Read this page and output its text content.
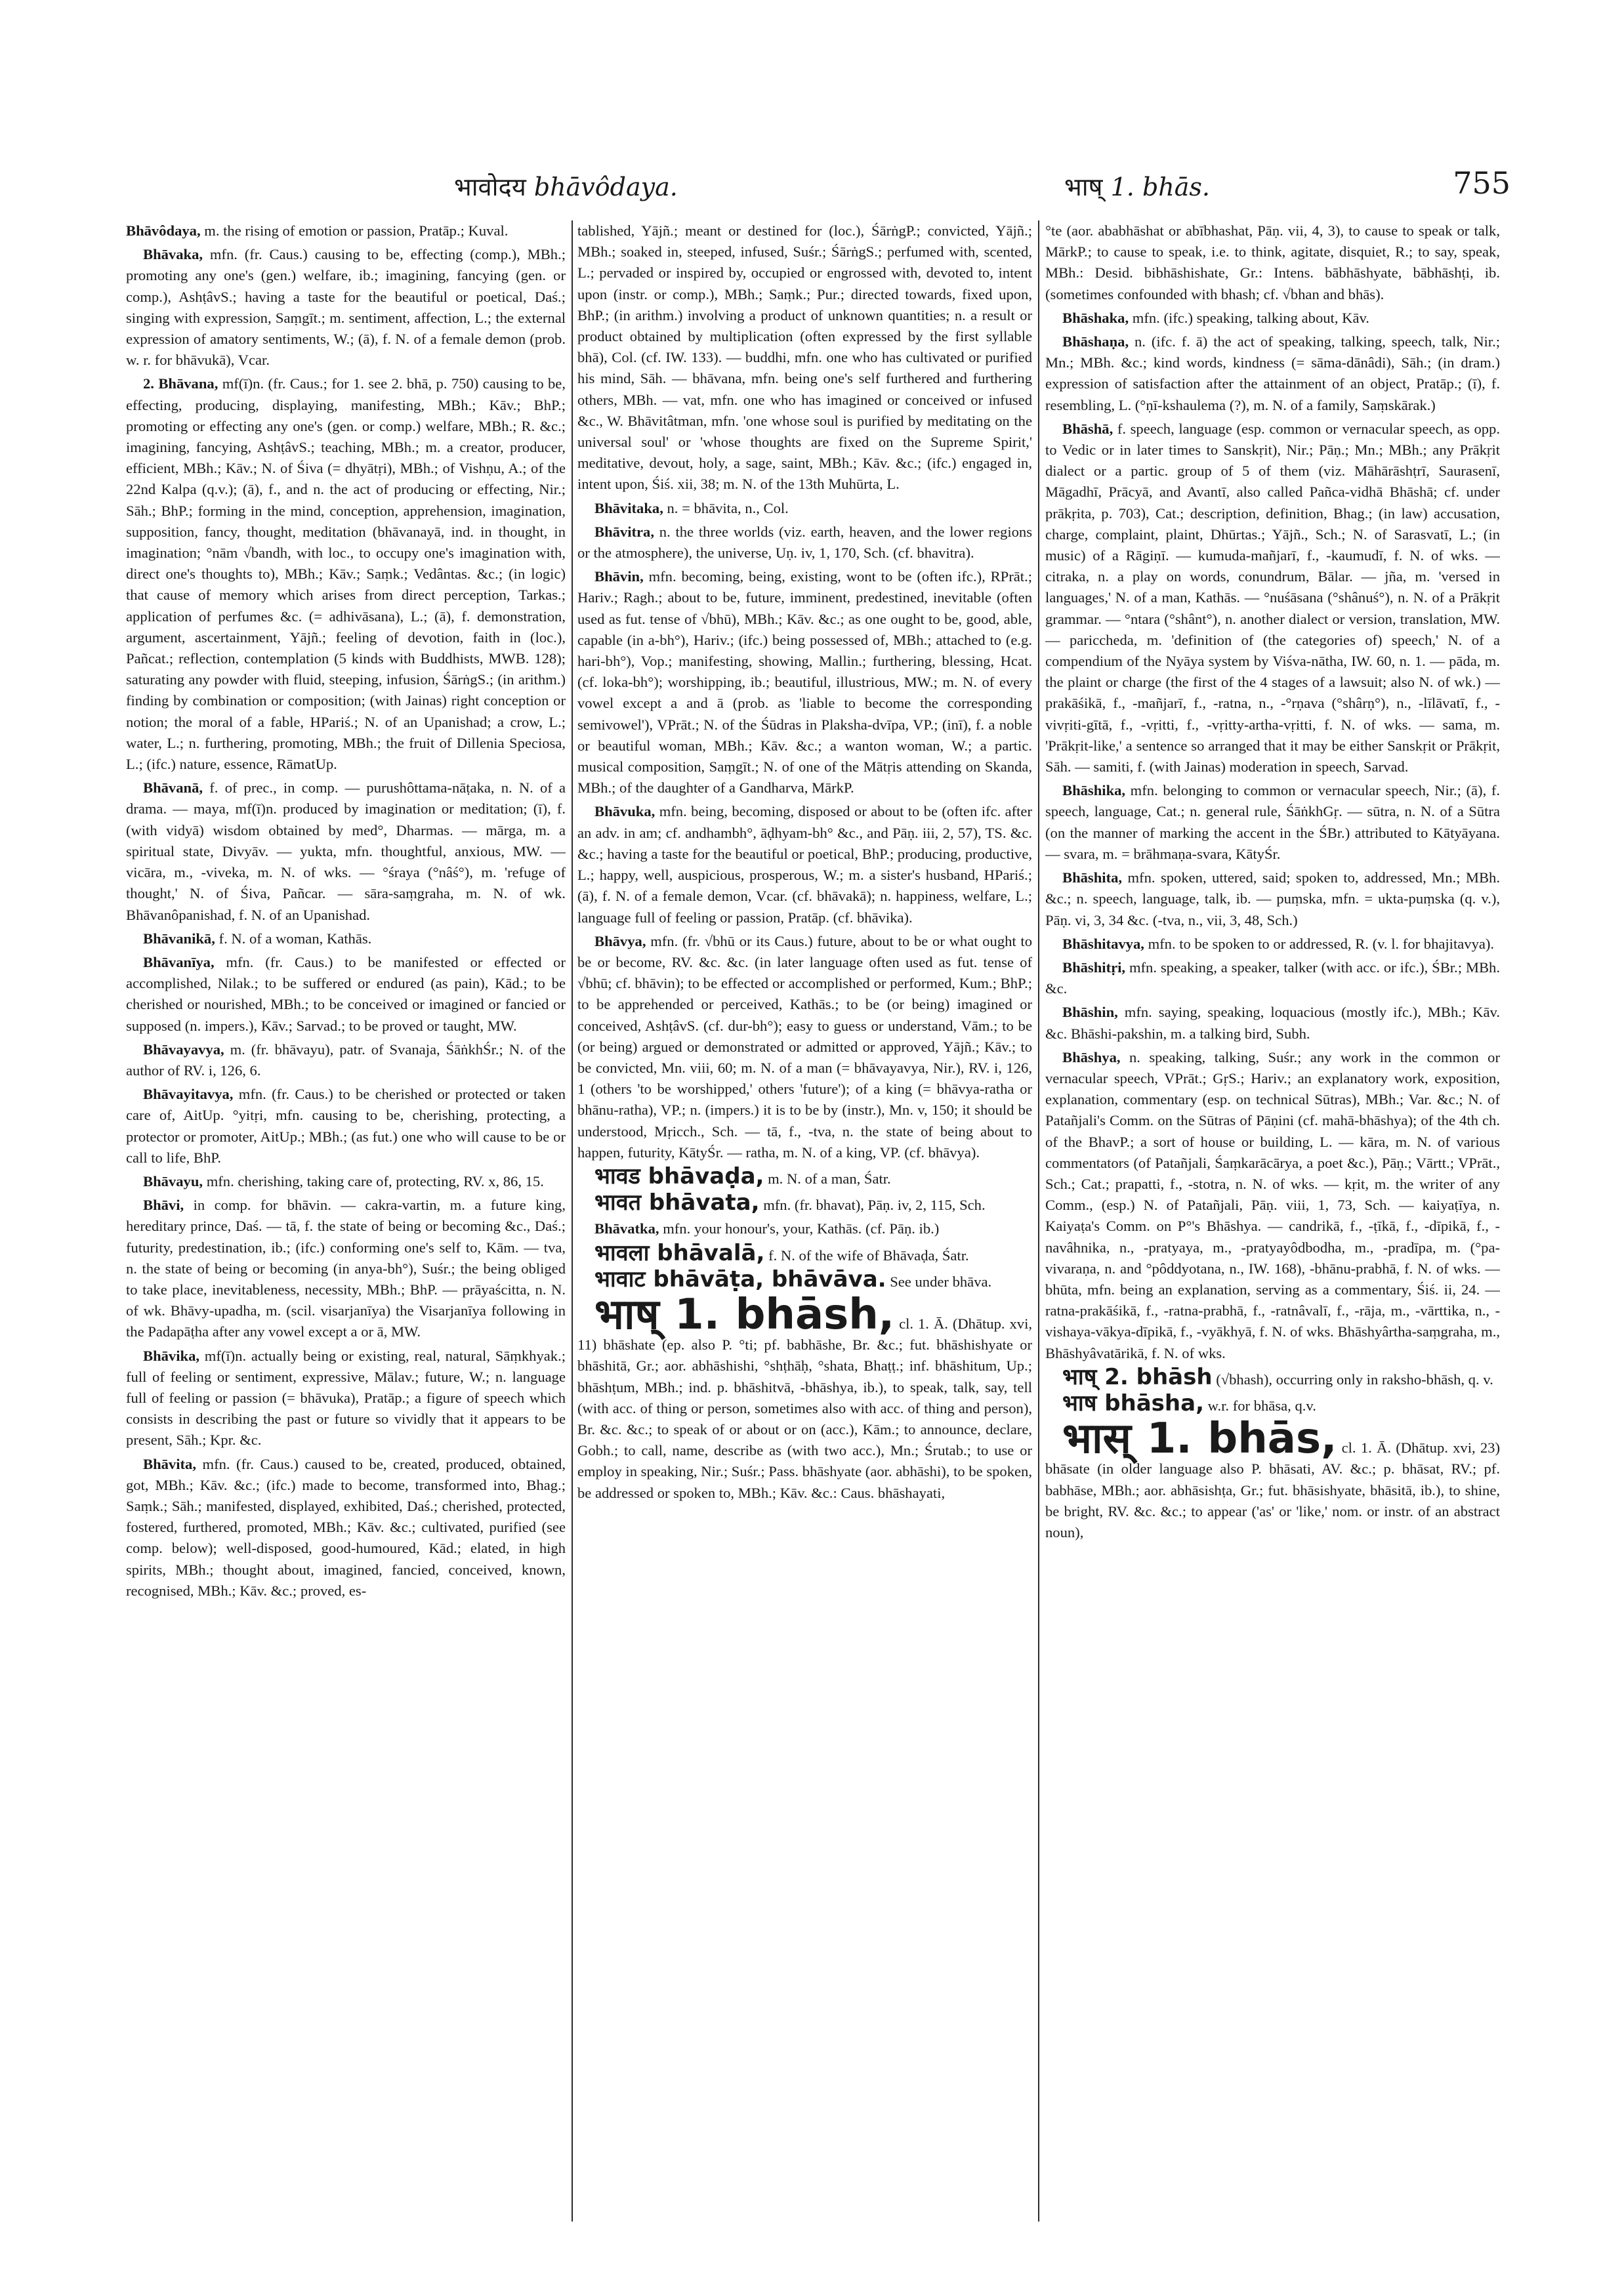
भावोदय bhāvôdaya.	भाष् 1. bhās.	755

Bhāvôdaya, m. the rising of emotion or passion, Pratāp.; Kuval.

Bhāvaka, mfn. (fr. Caus.) causing to be, effecting (comp.), MBh.; promoting any one's (gen.) welfare, ib.; imagining, fancying (gen. or comp.), AshṭâvS.; having a taste for the beautiful or poetical, Daś.; singing with expression, Saṃgīt.; m. sentiment, affection, L.; the external expression of amatory sentiments, W.; (ā), f. N. of a female demon (prob. w. r. for bhāvukā), Vcar.

2. Bhāvana, mf(ī)n. (fr. Caus.; for 1. see 2. bhā, p. 750) causing to be, effecting, producing, displaying, manifesting, MBh.; Kāv.; BhP.; promoting or effecting any one's (gen. or comp.) welfare, MBh.; R. &c.; imagining, fancying, AshṭâvS.; teaching, MBh.; m. a creator, producer, efficient, MBh.; Kāv.; N. of Śiva (= dhyātṛi), MBh.; of Vishṇu, A.; of the 22nd Kalpa (q.v.); (ā), f., and n. the act of producing or effecting, Nir.; Sāh.; BhP.; forming in the mind, conception, apprehension, imagination, supposition, fancy, thought, meditation (bhāvanayā, ind. in thought, in imagination; °nām √bandh, with loc., to occupy one's imagination with, direct one's thoughts to), MBh.; Kāv.; Saṃk.; Vedântas. &c.; (in logic) that cause of memory which arises from direct perception, Tarkas.; application of perfumes &c. (= adhivāsana), L.; (ā), f. demonstration, argument, ascertainment, Yājñ.; feeling of devotion, faith in (loc.), Pañcat.; reflection, contemplation (5 kinds with Buddhists, MWB. 128); saturating any powder with fluid, steeping, infusion, ŚārṅgS.; (in arithm.) finding by combination or composition; (with Jainas) right conception or notion; the moral of a fable, HPariś.; N. of an Upanishad; a crow, L.; water, L.; n. furthering, promoting, MBh.; the fruit of Dillenia Speciosa, L.; (ifc.) nature, essence, RāmatUp.

Bhāvanā, f. of prec., in comp. — purushôttama-nāṭaka, n. N. of a drama. — maya, mf(ī)n. produced by imagination or meditation; (ī), f. (with vidyā) wisdom obtained by med°, Dharmas. — mārga, m. a spiritual state, Divyāv. — yukta, mfn. thoughtful, anxious, MW. — vicāra, m., -viveka, m. N. of wks. — °śraya (°nâś°), m. 'refuge of thought,' N. of Śiva, Pañcar. — sāra-saṃgraha, m. N. of wk. Bhāvanôpanishad, f. N. of an Upanishad.

Bhāvanikā, f. N. of a woman, Kathās.

Bhāvanīya, mfn. (fr. Caus.) to be manifested or effected or accomplished, Nilak.; to be suffered or endured (as pain), Kād.; to be cherished or nourished, MBh.; to be conceived or imagined or fancied or supposed (n. impers.), Kāv.; Sarvad.; to be proved or taught, MW.

Bhāvayavya, m. (fr. bhāvayu), patr. of Svanaja, ŚāṅkhŚr.; N. of the author of RV. i, 126, 6.

Bhāvayitavya, mfn. (fr. Caus.) to be cherished or protected or taken care of, AitUp. °yitṛi, mfn. causing to be, cherishing, protecting, a protector or promoter, AitUp.; MBh.; (as fut.) one who will cause to be or call to life, BhP.

Bhāvayu, mfn. cherishing, taking care of, protecting, RV. x, 86, 15.

Bhāvi, in comp. for bhāvin. — cakra-vartin, m. a future king, hereditary prince, Daś. — tā, f. the state of being or becoming &c., Daś.; futurity, predestination, ib.; (ifc.) conforming one's self to, Kām. — tva, n. the state of being or becoming (in anya-bh°), Suśr.; the being obliged to take place, inevitableness, necessity, MBh.; BhP. — prāyaścitta, n. N. of wk. Bhāvy-upadha, m. (scil. visarjanīya) the Visarjanīya following in the Padapāṭha after any vowel except a or ā, MW.

Bhāvika, mf(ī)n. actually being or existing, real, natural, Sāṃkhyak.; full of feeling or sentiment, expressive, Mālav.; future, W.; n. language full of feeling or passion (= bhāvuka), Pratāp.; a figure of speech which consists in describing the past or future so vividly that it appears to be present, Sāh.; Kpr. &c.

Bhāvita, mfn. (fr. Caus.) caused to be, created, produced, obtained, got, MBh.; Kāv. &c.; (ifc.) made to become, transformed into, Bhag.; Saṃk.; Sāh.; manifested, displayed, exhibited, Daś.; cherished, protected, fostered, furthered, promoted, MBh.; Kāv. &c.; cultivated, purified (see comp. below); well-disposed, good-humoured, Kād.; elated, in high spirits, MBh.; thought about, imagined, fancied, conceived, known, recognised, MBh.; Kāv. &c.; proved, es-

tablished, Yājñ.; meant or destined for (loc.), ŚārṅgP.; convicted, Yājñ.; MBh.; soaked in, steeped, infused, Suśr.; ŚārṅgS.; perfumed with, scented, L.; pervaded or inspired by, occupied or engrossed with, devoted to, intent upon (instr. or comp.), MBh.; Saṃk.; Pur.; directed towards, fixed upon, BhP.; (in arithm.) involving a product of unknown quantities; n. a result or product obtained by multiplication (often expressed by the first syllable bhā), Col. (cf. IW. 133). — buddhi, mfn. one who has cultivated or purified his mind, Sāh. — bhāvana, mfn. being one's self furthered and furthering others, MBh. — vat, mfn. one who has imagined or conceived or infused &c., W. Bhāvitâtman, mfn. 'one whose soul is purified by meditating on the universal soul' or 'whose thoughts are fixed on the Supreme Spirit,' meditative, devout, holy, a sage, saint, MBh.; Kāv. &c.; (ifc.) engaged in, intent upon, Śiś. xii, 38; m. N. of the 13th Muhūrta, L.

Bhāvitaka, n. = bhāvita, n., Col.

Bhāvitra, n. the three worlds (viz. earth, heaven, and the lower regions or the atmosphere), the universe, Uṇ. iv, 1, 170, Sch. (cf. bhavitra).

Bhāvin, mfn. becoming, being, existing, wont to be (often ifc.), RPrāt.; Hariv.; Ragh.; about to be, future, imminent, predestined, inevitable (often used as fut. tense of √bhū), MBh.; Kāv. &c.; as one ought to be, good, able, capable (in a-bh°), Hariv.; (ifc.) being possessed of, MBh.; attached to (e.g. hari-bh°), Vop.; manifesting, showing, Mallin.; furthering, blessing, Hcat. (cf. loka-bh°); worshipping, ib.; beautiful, illustrious, MW.; m. N. of every vowel except a and ā (prob. as 'liable to become the corresponding semivowel'), VPrāt.; N. of the Śūdras in Plaksha-dvīpa, VP.; (inī), f. a noble or beautiful woman, MBh.; Kāv. &c.; a wanton woman, W.; a partic. musical composition, Saṃgīt.; N. of one of the Mātṛis attending on Skanda, MBh.; of the daughter of a Gandharva, MārkP.

Bhāvuka, mfn. being, becoming, disposed or about to be (often ifc. after an adv. in am; cf. andhambh°, āḍhyam-bh° &c., and Pāṇ. iii, 2, 57), TS. &c. &c.; having a taste for the beautiful or poetical, BhP.; producing, productive, L.; happy, well, auspicious, prosperous, W.; m. a sister's husband, HPariś.; (ā), f. N. of a female demon, Vcar. (cf. bhāvakā); n. happiness, welfare, L.; language full of feeling or passion, Pratāp. (cf. bhāvika).

Bhāvya, mfn. (fr. √bhū or its Caus.) future, about to be or what ought to be or become, RV. &c. &c. (in later language often used as fut. tense of √bhū; cf. bhāvin); to be effected or accomplished or performed, Kum.; BhP.; to be apprehended or perceived, Kathās.; to be (or being) imagined or conceived, AshṭâvS. (cf. dur-bh°); easy to guess or understand, Vām.; to be (or being) argued or demonstrated or admitted or approved, Yājñ.; Kāv.; to be convicted, Mn. viii, 60; m. N. of a man (= bhāvayavya, Nir.), RV. i, 126, 1 (others 'to be worshipped,' others 'future'); of a king (= bhāvya-ratha or bhānu-ratha), VP.; n. (impers.) it is to be by (instr.), Mn. v, 150; it should be understood, Mṛicch., Sch. — tā, f., -tva, n. the state of being about to happen, futurity, KātyŚr. — ratha, m. N. of a king, VP. (cf. bhāvya).

भावड bhāvaḍa, m. N. of a man, Śatr.

भावत bhāvata, mfn. (fr. bhavat), Pāṇ. iv, 2, 115, Sch.

Bhāvatka, mfn. your honour's, your, Kathās. (cf. Pāṇ. ib.)

भावला bhāvalā, f. N. of the wife of Bhāvaḍa, Śatr.

भावाट bhāvāṭa, bhāvāva. See under bhāva.

भाष् 1. bhāsh, cl. 1. Ā. (Dhātup. xvi, 11) bhāshate (ep. also P. °ti; pf. babhāshe, Br. &c.; fut. bhāshishyate or bhāshitā, Gr.; aor. abhāshishi, °shṭhāḥ, °shata, Bhaṭṭ.; inf. bhāshitum, Up.; bhāshṭum, MBh.; ind. p. bhāshitvā, -bhāshya, ib.), to speak, talk, say, tell (with acc. of thing or person, sometimes also with acc. of thing and person), Br. &c. &c.; to speak of or about or on (acc.), Kām.; to announce, declare, Gobh.; to call, name, describe as (with two acc.), Mn.; Śrutab.; to use or employ in speaking, Nir.; Suśr.; Pass. bhāshyate (aor. abhāshi), to be spoken, be addressed or spoken to, MBh.; Kāv. &c.: Caus. bhāshayati,

°te (aor. ababhāshat or abībhashat, Pāṇ. vii, 4, 3), to cause to speak or talk, MārkP.; to cause to speak, i.e. to think, agitate, disquiet, R.; to say, speak, MBh.: Desid. bibhāshishate, Gr.: Intens. bābhāshyate, bābhāshṭi, ib. (sometimes confounded with bhash; cf. √bhan and bhās).

Bhāshaka, mfn. (ifc.) speaking, talking about, Kāv.

Bhāshaṇa, n. (ifc. f. ā) the act of speaking, talking, speech, talk, Nir.; Mn.; MBh. &c.; kind words, kindness (= sāma-dānâdi), Sāh.; (in dram.) expression of satisfaction after the attainment of an object, Pratāp.; (ī), f. resembling, L. (°ṇī-kshaulema (?), m. N. of a family, Saṃskārak.)

Bhāshā, f. speech, language (esp. common or vernacular speech, as opp. to Vedic or in later times to Sanskṛit), Nir.; Pāṇ.; Mn.; MBh.; any Prākṛit dialect or a partic. group of 5 of them (viz. Māhārāshṭrī, Saurasenī, Māgadhī, Prācyā, and Avantī, also called Pañca-vidhā Bhāshā; cf. under prākṛita, p. 703), Cat.; description, definition, Bhag.; (in law) accusation, charge, complaint, plaint, Dhūrtas.; Yājñ., Sch.; N. of Sarasvatī, L.; (in music) of a Rāgiṇī. — kumuda-mañjarī, f., -kaumudī, f. N. of wks. — citraka, n. a play on words, conundrum, Bālar. — jña, m. 'versed in languages,' N. of a man, Kathās. — °nuśāsana (°shânuś°), n. N. of a Prākṛit grammar. — °ntara (°shânt°), n. another dialect or version, translation, MW. — pariccheda, m. 'definition of (the categories of) speech,' N. of a compendium of the Nyāya system by Viśva-nātha, IW. 60, n. 1. — pāda, m. the plaint or charge (the first of the 4 stages of a lawsuit; also N. of wk.) — prakāśikā, f., -mañjarī, f., -ratna, n., -°rṇava (°shârṇ°), n., -līlāvatī, f., -vivṛiti-gītā, f., -vṛitti, f., -vṛitty-artha-vṛitti, f. N. of wks. — sama, m. 'Prākṛit-like,' a sentence so arranged that it may be either Sanskṛit or Prākṛit, Sāh. — samiti, f. (with Jainas) moderation in speech, Sarvad.

Bhāshika, mfn. belonging to common or vernacular speech, Nir.; (ā), f. speech, language, Cat.; n. general rule, ŚāṅkhGṛ. — sūtra, n. N. of a Sūtra (on the manner of marking the accent in the ŚBr.) attributed to Kātyāyana. — svara, m. = brāhmaṇa-svara, KātyŚr.

Bhāshita, mfn. spoken, uttered, said; spoken to, addressed, Mn.; MBh. &c.; n. speech, language, talk, ib. — puṃska, mfn. = ukta-puṃska (q. v.), Pāṇ. vi, 3, 34 &c. (-tva, n., vii, 3, 48, Sch.)

Bhāshitavya, mfn. to be spoken to or addressed, R. (v. l. for bhajitavya).

Bhāshitṛi, mfn. speaking, a speaker, talker (with acc. or ifc.), ŚBr.; MBh. &c.

Bhāshin, mfn. saying, speaking, loquacious (mostly ifc.), MBh.; Kāv. &c. Bhāshi-pakshin, m. a talking bird, Subh.

Bhāshya, n. speaking, talking, Suśr.; any work in the common or vernacular speech, VPrāt.; GṛS.; Hariv.; an explanatory work, exposition, explanation, commentary (esp. on technical Sūtras), MBh.; Var. &c.; N. of Patañjali's Comm. on the Sūtras of Pāṇini (cf. mahā-bhāshya); of the 4th ch. of the BhavP.; a sort of house or building, L. — kāra, m. N. of various commentators (of Patañjali, Śaṃkarācārya, a poet &c.), Pāṇ.; Vārtt.; VPrāt., Sch.; Cat.; prapatti, f., -stotra, n. N. of wks. — kṛit, m. the writer of any Comm., (esp.) N. of Patañjali, Pāṇ. viii, 1, 73, Sch. — kaiyaṭīya, n. Kaiyaṭa's Comm. on P°'s Bhāshya. — candrikā, f., -ṭīkā, f., -dīpikā, f., -navâhnika, n., -pratyaya, m., -pratyayôdbodha, m., -pradīpa, m. (°pa-vivaraṇa, n. and °pôddyotana, n., IW. 168), -bhānu-prabhā, f. N. of wks. — bhūta, mfn. being an explanation, serving as a commentary, Śiś. ii, 24. — ratna-prakāśikā, f., -ratna-prabhā, f., -ratnâvalī, f., -rāja, m., -vārttika, n., -vishaya-vākya-dīpikā, f., -vyākhyā, f. N. of wks. Bhāshyârtha-saṃgraha, m., Bhāshyâvatārikā, f. N. of wks.

भाष् 2. bhāsh (√bhash), occurring only in raksho-bhāsh, q. v.

भाष bhāsha, w.r. for bhāsa, q.v.

भास् 1. bhās, cl. 1. Ā. (Dhātup. xvi, 23) bhāsate (in older language also P. bhāsati, AV. &c.; p. bhāsat, RV.; pf. babhāse, MBh.; aor. abhāsishṭa, Gr.; fut. bhāsishyate, bhāsitā, ib.), to shine, be bright, RV. &c. &c.; to appear ('as' or 'like,' nom. or instr. of an abstract noun),
